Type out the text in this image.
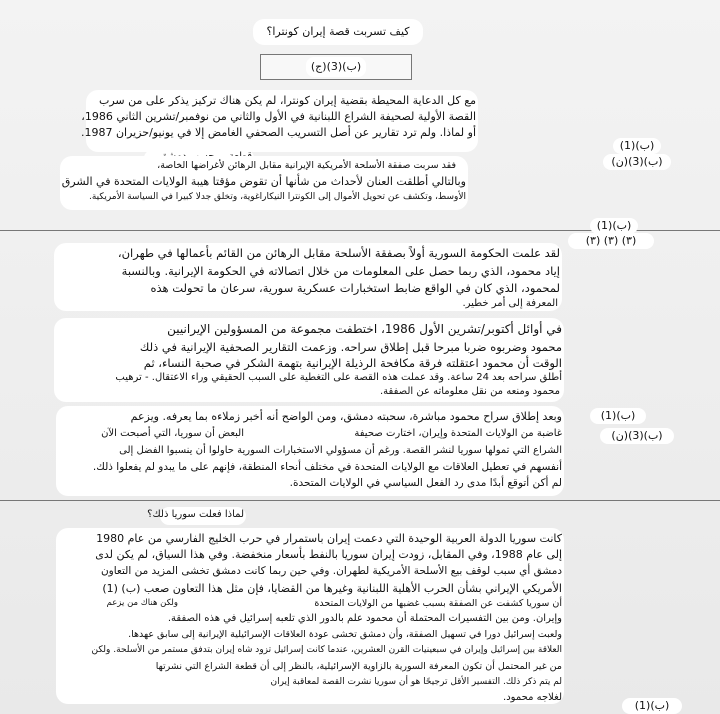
كيف تسربت قصة إيران كونترا؟
(ب)(3)(ج)
مع كل الدعاية المحيطة بقضية إيران كونترا، لم يكن هناك تركيز يذكر على من سرب
القصة الأولية لصحيفة الشراع اللبنانية في الأول والثاني من نوفمبر/تشرين الثاني 1986،
أو لماذا. ولم ترد تقارير عن أصل التسريب الصحفي الغامض إلا في يونيو/حزيران 1987.
فقد سربت صفقة الأسلحة الأمريكية الإيرانية مقابل الرهائن لأغراضها الخاصة،
وبالتالي أطلقت العنان لأحداث من شأنها أن تقوض مؤقتا هيبة الولايات المتحدة في الشرق
الأوسط، وتكشف عن تحويل الأموال إلى الكونترا النيكاراغوية، وتخلق جدلا كبيرا في السياسة الأمريكية.
(ب)(1)
(ب)(3)(ن)
(ب)(1)
(٣) (٣) (٣)
لقد علمت الحكومة السورية أولاً بصفقة الأسلحة مقابل الرهائن من القائم بأعمالها في طهران،
إياد محمود، الذي ربما حصل على المعلومات من خلال اتصالاته في الحكومة الإيرانية. وبالنسبة
لمحمود، الذي كان في الواقع ضابط استخبارات عسكرية سورية، سرعان ما تحولت هذه
المعرفة إلى أمر خطير.
في أوائل أكتوبر/تشرين الأول 1986، اختطفت مجموعة من المسؤولين الإيرانيين
محمود وضربوه ضربا مبرحا قبل إطلاق سراحه. وزعمت التقارير الصحفية الإيرانية في ذلك
الوقت أن محمود اعتقلته فرقة مكافحة الرذيلة الإيرانية بتهمة الشكر في صحبة النساء، ثم
أطلق سراحه بعد 24 ساعة. وقد عملت هذه القصة على التغطية على السبب الحقيقي وراء الاعتقال. - ترهيب
محمود ومنعه من نقل معلوماته عن الصفقة.
وبعد إطلاق سراح محمود مباشرة، سحبته دمشق، ومن الواضح أنه أخبر زملاءه بما يعرفه. ويزعم
غاضبة من الولايات المتحدة وإيران، اختارت صحيفة
البعض أن سوريا، التي أصبحت الآن
الشراع التي تمولها سوريا لنشر القصة. ورغم أن مسؤولي الاستخبارات السورية حاولوا أن ينسبوا الفضل إلى
أنفسهم في تعطيل العلاقات مع الولايات المتحدة في مختلف أنحاء المنطقة، فإنهم على ما يبدو لم يفعلوا ذلك.
لم أكن أتوقع أبدًا مدى رد الفعل السياسي في الولايات المتحدة.
(ب)(1)
(ب)(3)(ن)
لماذا فعلت سوريا ذلك؟
كانت سوريا الدولة العربية الوحيدة التي دعمت إيران باستمرار في حرب الخليج الفارسي من عام 1980
إلى عام 1988، وفي المقابل، زودت إيران سوريا بالنفط بأسعار منخفضة. وفي هذا السياق، لم يكن لدى
دمشق أي سبب لوقف بيع الأسلحة الأمريكية لطهران. وفي حين ربما كانت دمشق تخشى المزيد من التعاون
الأمريكي الإيراني بشأن الحرب الأهلية اللبنانية وغيرها من القضايا، فإن مثل هذا التعاون صعب (ب) (1)
ولكن هناك من يزعم	أن سوريا كشفت عن الصفقة بسبب غضبها من الولايات المتحدة
وإيران. ومن بين التفسيرات المحتملة أن محمود علم بالدور الذي تلعبه إسرائيل في هذه الصفقة.
ولعبت إسرائيل دورا في تسهيل الصفقة، وأن دمشق تخشى عودة العلاقات الإسرائيلية الإيرانية إلى سابق عهدها.
العلاقة بين إسرائيل وإيران في سبعينيات القرن العشرين، عندما كانت إسرائيل تزود شاه إيران بتدفق مستمر من الأسلحة. ولكن
من غير المحتمل أن تكون المعرفة السورية بالزاوية الإسرائيلية، بالنظر إلى أن قطعة الشراع التي نشرتها
لم يتم ذكر ذلك. التفسير الأقل ترجيحًا هو أن سوريا نشرت القصة لمعاقبة إيران
لغلاجه محمود.
(ب)(1)
